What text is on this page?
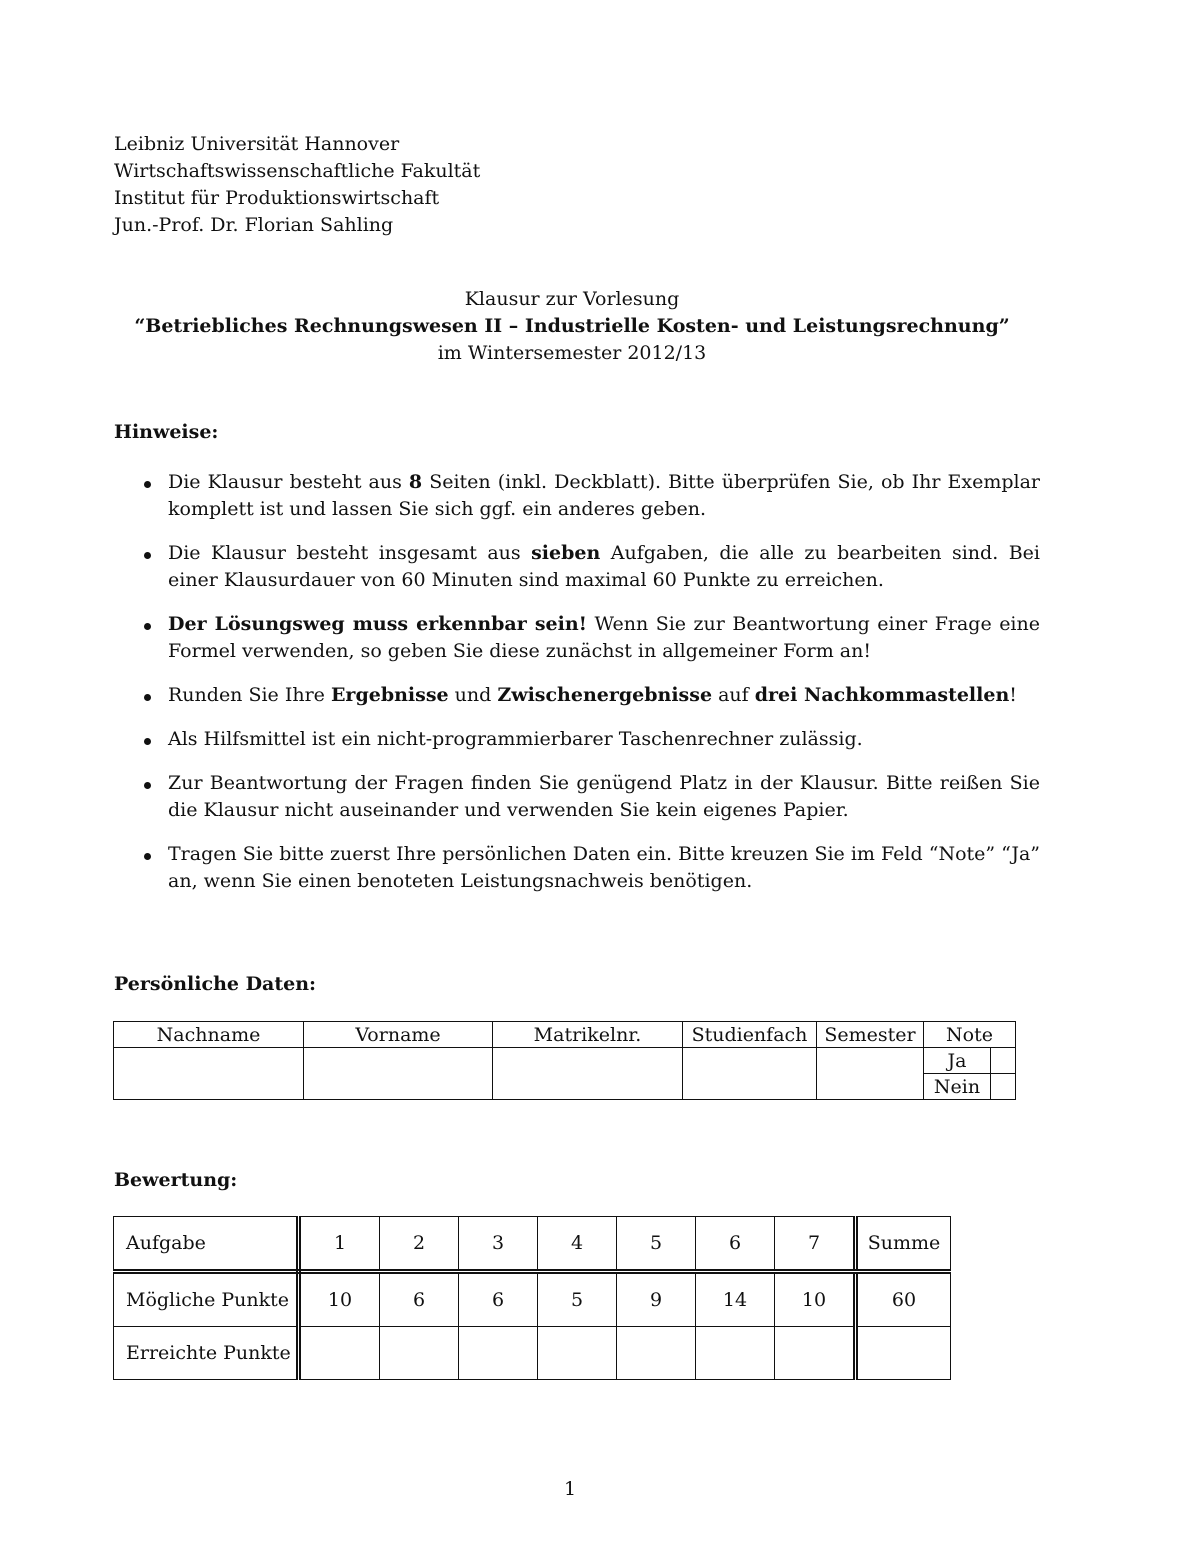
Leibniz Universität Hannover
Wirtschaftswissenschaftliche Fakultät
Institut für Produktionswirtschaft
Jun.-Prof. Dr. Florian Sahling
Klausur zur Vorlesung
“Betriebliches Rechnungswesen II – Industrielle Kosten- und Leistungsrechnung”
im Wintersemester 2012/13
Hinweise:
Die Klausur besteht aus 8 Seiten (inkl. Deckblatt). Bitte überprüfen Sie, ob Ihr Exemplar komplett ist und lassen Sie sich ggf. ein anderes geben.
Die Klausur besteht insgesamt aus sieben Aufgaben, die alle zu bearbeiten sind. Bei einer Klausurdauer von 60 Minuten sind maximal 60 Punkte zu erreichen.
Der Lösungsweg muss erkennbar sein! Wenn Sie zur Beantwortung einer Frage eine Formel verwenden, so geben Sie diese zunächst in allgemeiner Form an!
Runden Sie Ihre Ergebnisse und Zwischenergebnisse auf drei Nachkommastellen!
Als Hilfsmittel ist ein nicht-programmierbarer Taschenrechner zulässig.
Zur Beantwortung der Fragen finden Sie genügend Platz in der Klausur. Bitte reißen Sie die Klausur nicht auseinander und verwenden Sie kein eigenes Papier.
Tragen Sie bitte zuerst Ihre persönlichen Daten ein. Bitte kreuzen Sie im Feld “Note” “Ja” an, wenn Sie einen benoteten Leistungsnachweis benötigen.
Persönliche Daten:
Nachname	Vorname	Matrikelnr.	Studienfach	Semester	Note	
					Ja	
					Nein	
Bewertung:
Aufgabe	1	2	3	4	5	6	7	Summe
Mögliche Punkte	10	6	6	5	9	14	10	60
Erreichte Punkte								
1
